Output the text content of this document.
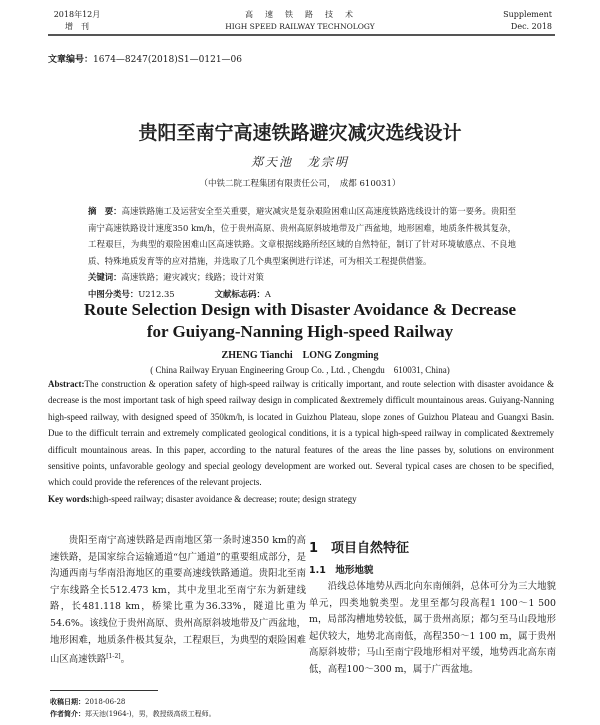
2018年12月
增　刊
高　速　铁　路　技　术
HIGH SPEED RAILWAY TECHNOLOGY
Supplement
Dec. 2018
文章编号：1674—8247(2018)S1—0121—06
贵阳至南宁高速铁路避灾减灾选线设计
郑天池　龙宗明
（中铁二院工程集团有限责任公司，　成都 610031）
摘　要：高速铁路施工及运营安全至关重要，避灾减灾是复杂艰险困难山区高速度铁路选线设计的第一要务。贵阳至南宁高速铁路设计速度350 km/h，位于贵州高原、贵州高原斜坡地带及广西盆地，地形困难，地质条件极其复杂，工程艰巨，为典型的艰险困难山区高速铁路。文章根据线路所经区域的自然特征，制订了针对环境敏感点、不良地质、特殊地质发育等的应对措施，并选取了几个典型案例进行详述，可为相关工程提供借鉴。
关键词：高速铁路；避灾减灾；线路；设计对策
中图分类号：U212.35	文献标志码：A
Route Selection Design with Disaster Avoidance & Decrease
for Guiyang-Nanning High-speed Railway
ZHENG Tianchi　LONG Zongming
( China Railway Eryuan Engineering Group Co. , Ltd. , Chengdu　610031, China)
Abstract:The construction & operation safety of high-speed railway is critically important, and route selection with disaster avoidance & decrease is the most important task of high speed railway design in complicated &extremely difficult mountainous areas. Guiyang-Nanning high-speed railway, with designed speed of 350km/h, is located in Guizhou Plateau, slope zones of Guizhou Plateau and Guangxi Basin. Due to the difficult terrain and extremely complicated geological conditions, it is a typical high-speed railway in complicated &extremely difficult mountainous areas. In this paper, according to the natural features of the areas the line passes by, solutions on environment sensitive points, unfavorable geology and special geology development are worked out. Several typical cases are chosen to be specified, which could provide the references of the relevant projects.
Key words:high-speed railway; disaster avoidance & decrease; route; design strategy
贵阳至南宁高速铁路是西南地区第一条时速350 km的高速铁路，是国家综合运输通道“包广通道”的重要组成部分，是沟通西南与华南沿海地区的重要高速线铁路通道。贵阳北至南宁东线路全长512.473 km，其中龙里北至南宁东为新建线路，长481.118 km，桥梁比重为36.33%，隧道比重为54.6%。该线位于贵州高原、贵州高原斜坡地带及广西盆地，地形困难，地质条件极其复杂，工程艰巨，为典型的艰险困难山区高速铁路[1-2]。
1　项目自然特征
1.1　地形地貌
沿线总体地势从西北向东南倾斜，总体可分为三大地貌单元，四类地貌类型。龙里至都匀段高程1 100～1 500 m，局部沟槽地势较低，属于贵州高原；都匀至马山段地形起伏较大，地势北高南低，高程350～1 100 m，属于贵州高原斜坡带；马山至南宁段地形相对平缓，地势西北高东南低，高程100～300 m，属于广西盆地。
收稿日期：2018-06-28
作者简介：郑天池(1964-)，男，教授级高级工程师。
